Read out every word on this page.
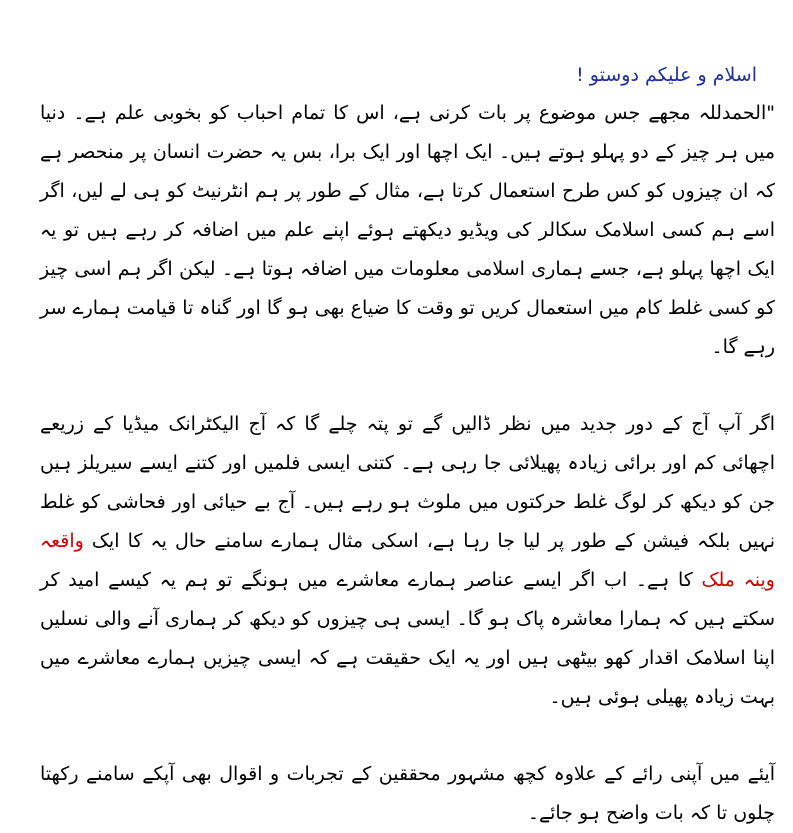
اسلام و علیکم دوستو !

"الحمدللہ مجھے جس موضوع پر بات کرنی ہے، اس کا تمام احباب کو بخوبی علم ہے۔ دنیا میں ہر چیز کے دو پہلو ہوتے ہیں۔ ایک اچھا اور ایک برا، بس یہ حضرت انسان پر منحصر ہے کہ ان چیزوں کو کس طرح استعمال کرتا ہے، مثال کے طور پر ہم انٹرنیٹ کو ہی لے لیں، اگر اسے ہم کسی اسلامک سکالر کی ویڈیو دیکھتے ہوئے اپنے علم میں اضافہ کر رہے ہیں تو یہ ایک اچھا پہلو ہے، جسے ہماری اسلامی معلومات میں اضافہ ہوتا ہے۔ لیکن اگر ہم اسی چیز کو کسی غلط کام میں استعمال کریں تو وقت کا ضیاع بھی ہو گا اور گناہ تا قیامت ہمارے سر رہے گا۔

اگر آپ آج کے دور جدید میں نظر ڈالیں گے تو پتہ چلے گا کہ آج الیکٹرانک میڈیا کے زریعے اچھائی کم اور برائی زیادہ پھیلائی جا رہی ہے۔ کتنی ایسی فلمیں اور کتنے ایسے سیریلز ہیں جن کو دیکھ کر لوگ غلط حرکتوں میں ملوث ہو رہے ہیں۔ آج بے حیائی اور فحاشی کو غلط نہیں بلکہ فیشن کے طور پر لیا جا رہا ہے، اسکی مثال ہمارے سامنے حال یہ کا ایک واقعہ وینہ ملک کا ہے۔ اب اگر ایسے عناصر ہمارے معاشرے میں ہونگے تو ہم یہ کیسے امید کر سکتے ہیں کہ ہمارا معاشرہ پاک ہو گا۔ ایسی ہی چیزوں کو دیکھ کر ہماری آنے والی نسلیں اپنا اسلامک اقدار کھو بیٹھی ہیں اور یہ ایک حقیقت ہے کہ ایسی چیزیں ہمارے معاشرے میں بہت زیادہ پھیلی ہوئی ہیں۔

آیئے میں آپنی رائے کے علاوہ کچھ مشہور محققین کے تجربات و اقوال بھی آپکے سامنے رکھتا چلوں تا کہ بات واضح ہو جائے۔
